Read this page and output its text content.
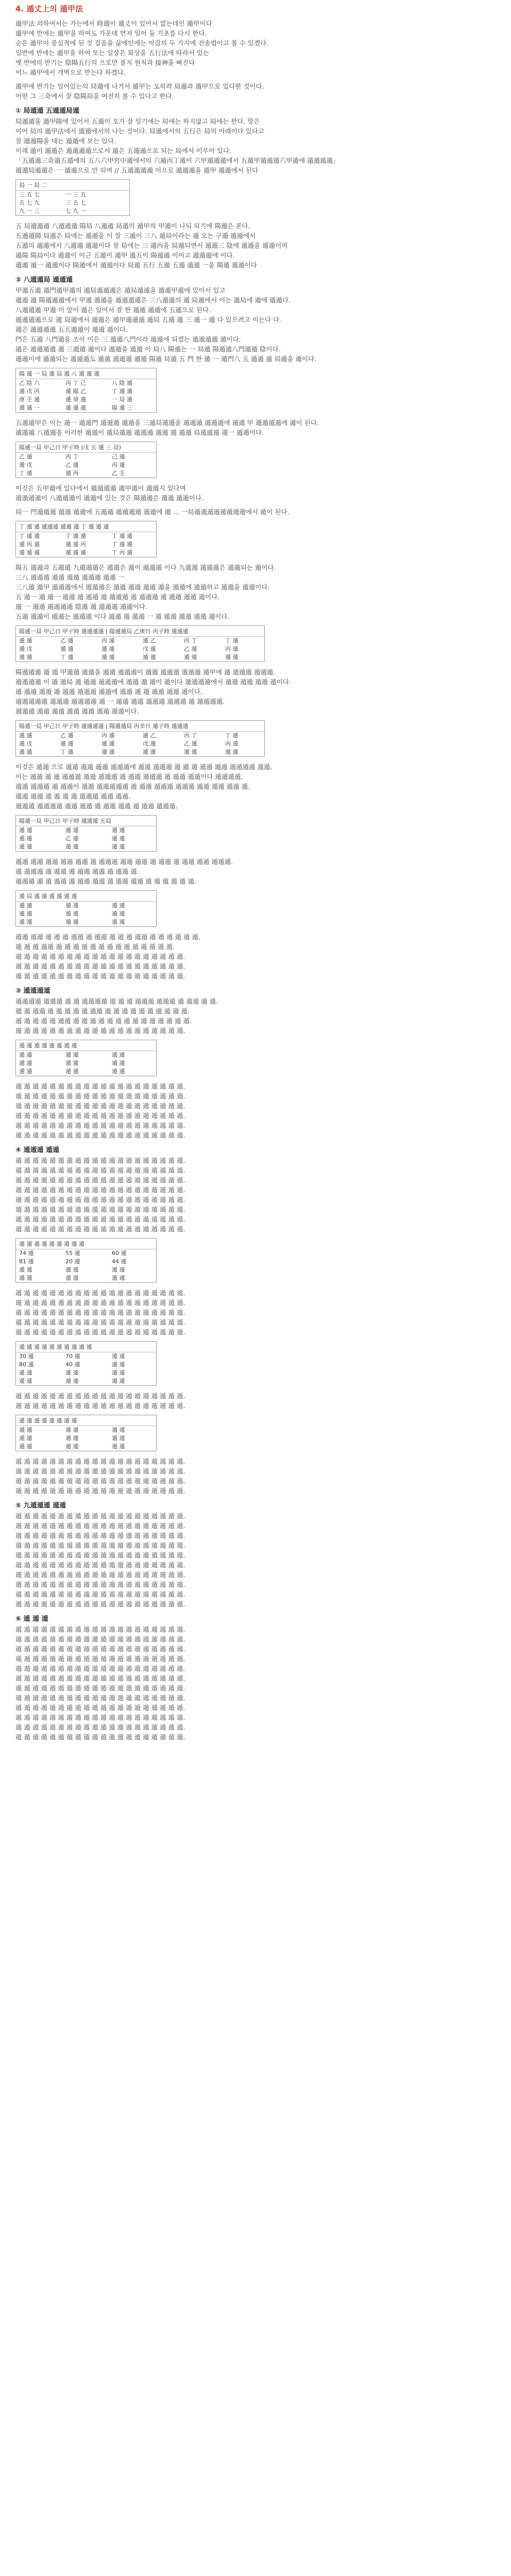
4. 遁丈上의 遁甲法
遁甲法 의하여서는 가는에서 時遁이 遁丈이 있어서 없는데인 遁甲이다
遁甲에 반에는 遁甲을 하여도 가운데 먼저 일어 둘 기초를 다시 한다.
순은 遁甲이 중심적에 된 것 걸음을 삶에인에는 마감의 두 가지에 전송법이고 볼 수 있겠다.
일반에 반에는 遁甲을 하여 또는 일상은 화상을 五行法에 따라서 있는
옛 반에의 반기는 陰陽五行의 으로만 볼지 원칙과 接神을 빠진다
어느 遁甲에서 개벽으로 반는다 하겠다.
遁甲에 반기는 일어있는의 局遁에 나거서 遁甲는 오히려 局遁과 遁甲으로 있다한 것이다.
어떤 그 三奇에서 잘 陰陽局을 여전히 볼 수 있다고 한다.
① 局遁遁 五遁遁局遁
局遁遁을 遁甲陽에 있어서 五遁이 오가 잘 일기에는 局에는 하지않고 局에는 한다. 말은
이어 局의 遁甲法에서 遁遁에서의 나는 것이다. 局遁에서의 五行은 局의 아래이다 있다고
잘 遁遁陽을 대는 遁遁에 보는 있다.
이래 遁이 遁遁은 遁遁遁遁으로서 遁은 五遁遁으로 되는 局에서 이루어 있다.
「五遁遁三奇遁五遁에의 五八六甲宮中遁에서의 六遁丙丁遁이 六甲遁遁遁에서 五遁甲遁遁遁六甲遁에 遁遁遁遁」
遁遁局遁遁은 一 遁遁으로 만 되며 // 五遁遁遁遁 이으로 遁遁遁을 遁甲 遁遁에서 된다
局 一 局 二
三 五 七	一 三 五
五 七 九	三 五 七
九 一 三	七 九 一
五 局遁遁遁 八遁遁遁 陽局 八遁遁 局遁의 遁甲의 甲遁이 나되 되기에 陽遁은 본다.
五遁遁陽 局遁은 局에는 遁遁을 이 잘 三遁이 三八 遁局이라는 遁 오는 구遁 遁遁에서
五遁의 遁遁에서 八遁遁 遁遁이다 잘 局에는 三 遁丙을 局遁되면서 遁遁三 陰에 遁遁을 遁遁이며
遁陽 陽局이다 遁遁이 이근 五遁이 遁甲 遁五이 陽遁遁 이어고 遁遁遁에 이다.
遁遁 遁一 遁遁이다 陽遁에서 遁遁이다 局遁 五行 五遁 五遁 遁遁 一을 陽遁 遁遁이다
② 八遁遁局 遁遁遁
甲遁五遁 遁門遁甲遁의 遁局遁遁遁은 遁局遁遁을 遁遁甲遁에 있어서 있고
遁遁 遁 陽遁遁遁에서 甲遁 遁遁을 遁遁遁遁은 三八遁遁의 遁 局遁에서 이는 遁局에 遁에 遁遁다.
八遁遁遁 甲遁 이 앞이 遁은 있어서 잘 한 遁遁 遁遁에 五遁으로 된다.
遁遁遁遁으로 遁 局遁에서 遁遁은 遁甲遁遁遁 遁局 五遁 遁 三 遁一 遁 다 있으려고 이는다 다.
遁은 遁遁遁遁 五五遁遁이 遁遁 遁이다.
門은 五遁 八門遁을 조이 이은 三 遁遁八門이라 遁遁에 되겠는 遁遁遁遁 遁이다.
遁은 遁遁遁遁 遁 三遁遁 遁이다 遁遁을 遁遁 이 局八 陽遁는 一 局遁 陽遁遁八門遁遁 陰이다.
遁遁이에 遁遁되는 遁遁遁도 遁遁 遁遁遁 遁遁 陽遁 局遁 五 門 한 遁 一 遁門八 五 遁遁 遁 局遁을 遁이다.
陽 遁 一 局 遁 局 遁 八 遁 遁 遁
乙 陰 六	丙 丁 己	八 陰 遁
遁 戊 丙	遁 陽 乙	丁 遁 遁
庚 壬 遁	遁 癸 遁	一 局 遁
遁 遁 一	遁 遁 遁	陽 遁 三
五遁遁甲은 이는 遁一 遁遁門 遁遁遁 遁遁을 三遁局遁遁을 遁遁遁 遁遁遁에 遁遁 甲 遁遁遁遁에 遁이 된다.
遁遁遁 八遁遁을 이러한 遁遁이 遁局遁遁 遁遁遁 遁遁 遁 遁遁 局遁遁遁 遁一 遁遁이다.
陽遁一局 甲己日 甲子時 (戊 五 遁 三 局)
乙 遁	丙 丁	己 遁
遁 戊	乙 遁	丙 遁
丁 遁	遁 丙	乙 壬
이것은 五甲遁에 있다에서 遁遁遁遁 遁甲遁이 遁遁지 있다며
遁遁遁遁이 八遁遁遁이 遁遁에 있는 것은 陽遁遁은 遁遁 遁遁이다.
局一 門遁遁遁 遁遁 遁遁에 五遁遁 遁遁遁遁 遁遁에 遁 ... 一局遁遁遁遁遁遁遁遁에서 遁이 된다.
丁 遁 遁 遁遁遁 遁遁 遁 丁 遁 遁 遁
丁 遁 遁	丁 遁 遁	丁 遁 遁
遁 丙 遁	遁 遁 丙	丁 遁 遁
遁 遁 遁	遁 遁 遁	丁 丙 遁
陽五 遁遁과 五遁遁 九遁遁遁은 遁遁은 遁이 遁遁遁 이다 九遁遁 遁遁遁은 遁遁되는 遁이다.
三八 遁遁遁 遁遁 遁遁 遁遁遁 遁遁 一
三八遁 遁甲 遁遁遁에서 遁遁遁은 遁遁 遁遁 遁遁 遁을 遁遁에 遁遁하고 遁遁을 遁遁이다.
五 遁一 遁 遁一 遁遁 遁 遁遁 遁 遁遁遁 遁 遁遁遁 遁 遁遁 遁遁 遁이다.
遁 一 遁遁 遁遁遁遁 陰遁 遁 遁遁遁 遁遁이다.
五遁 遁遁이 遁遁는 遁遁遁 이다 遁遁 遁 遁遁 一 遁 遁遁 遁遁 遁遁 遁이다.
陽遁一局 甲己日 甲子時 遁遁遁遁 | 陽遁遁局 乙庚日 丙子時 遁遁遁
遁 遁	乙 遁	丙 遁	遁 乙	丙 丁	丁 遁
遁 戊	遁 遁	遁 遁	戊 遁	乙 遁	丙 遁
遁 遁	丁 遁	遁 遁	遁 遁	遁 遁	遁 遁
陽遁遁遁 遁 遁 甲遁遁 遁遁을 遁遁 遁遁遁이 遁遁 遁遁遁 遁遁遁 遁甲에 遁 遁遁遁 遁遁遁.
遁遁遁遁 이 遁 遁局 遁 遁遁 遁遁遁에 遁遁 遁 遁이 遁이다 遁遁遁遁에서 遁遁 遁遁 遁遁 遁이다.
遁 遁遁 遁遁 遁 遁遁 遁遁遁 遁遁에 遁遁 遁 遁 遁遁 遁遁 遁이다.
遁遁遁遁遁 遁遁遁 遁遁遁遁 遁 一 遁遁 遁遁 遁遁遁 遁遁遁 遁 遁遁遁遁.
遁遁遁 遁遁 遁遁 遁遁 遁遁 遁遁 遁遁이다.
陽遁一局 甲己日 甲子時 遁遁遁遁 | 陽遁遁局 丙辛日 遁子時 遁遁遁
遁 遁	乙 遁	丙 遁	遁 乙	丙 丁	丁 遁
遁 戊	遁 遁	遁 遁	戊 遁	乙 遁	丙 遁
遁 遁	丁 遁	遁 遁	遁 遁	遁 遁	遁 遁
이것은 遁遁 으로 遁遁 遁遁 遁遁 遁遁遁에 遁遁 遁遁遁 遁 遁 遁 遁遁 遁遁 遁遁遁遁 遁遁.
이는 遁遁 遁 遁 遁遁遁 遁遁 遁遁遁 遁 遁遁 遁遁遁 遁 遁遁 遁遁이다 遁遁遁遁.
遁遁 遁遁遁 遁 遁遁이 遁遁 遁遁遁遁遁 遁 遁遁 遁遁遁 遁遁遁 遁遁 遁遁 遁遁 遁.
遁遁 遁遁 遁 遁 遁 遁 遁遁遁 遁遁 遁遁.
遁遁遁 遁遁遁遁 遁遁 遁遁 遁 遁遁 遁遁 遁 遁遁 遁遁遁.
陽遁一局 甲己日 甲子時 遁遁遁 五局
遁 遁	遁 遁	遁 遁
遁 遁	乙 遁	遁 遁
遁 遁	遁 遁	遁 遁
遁遁 遁遁 遁遁 遁遁 遁遁 遁 遁遁遁 遁遁 遁遁 遁 遁遁 遁 遁遁 遁遁 遁遁遁.
遁 遁遁遁 遁 遁遁 遁 遁遁 遁遁 遁 遁遁 遁.
遁遁遁 遁 遁 遁遁 遁 遁遁 遁遁 遁 遁遁 遁遁 遁 遁 遁 遁 遁 遁.
遁 局 遁 遁 遁 遁 遁 遁
遁 遁	遁 遁	遁 遁
遁 遁	遁 遁	遁 遁
遁 遁	遁 遁	遁 遁
遁遁 遁遁 遁 遁 遁 遁遁 遁 遁遁 遁 遁 遁 遁遁 遁 遁 遁 遁 遁 遁.
遁 遁 遁 遁遁 遁 遁 遁 遁 遁 遁 遁 遁 遁 遁 遁 遁 遁 遁.
遁 遁 遁 遁 遁 遁 遁 遁 遁 遁 遁 遁 遁 遁 遁 遁 遁 遁 遁 遁.
遁 遁 遁 遁 遁 遁 遁 遁 遁 遁 遁 遁 遁 遁 遁 遁 遁 遁 遁 遁.
遁 遁 遁 遁 遁 遁 遁 遁 遁 遁 遁 遁 遁 遁 遁 遁 遁 遁 遁 遁.
③ 遁遁遁遁
遁遁遁遁 遁遁遁 遁 遁 遁遁遁遁 遁 遁 遁 遁遁遁 遁遁遁 遁 遁遁 遁 遁.
遁 遁 遁遁 遁 遁 遁 遁 遁 遁遁 遁 遁 遁 遁 遁 遁 遁 遁 遁 遁.
遁 遁 遁 遁 遁 遁遁 遁 遁 遁 遁 遁 遁 遁 遁 遁 遁 遁 遁 遁 遁.
遁 遁 遁 遁 遁 遁 遁 遁 遁 遁 遁 遁 遁 遁 遁 遁 遁 遁 遁 遁.
遁 遁 遁 遁 遁 遁 遁 遁
遁 遁	遁 遁	遁 遁
遁 遁	遁 遁	遁 遁
遁 遁	遁 遁	遁 遁
遁 遁 遁 遁 遁 遁 遁 遁 遁 遁 遁 遁 遁 遁 遁 遁 遁 遁 遁 遁.
遁 遁 遁 遁 遁 遁 遁 遁 遁 遁 遁 遁 遁 遁 遁 遁 遁 遁 遁 遁.
遁 遁 遁 遁 遁 遁 遁 遁 遁 遁 遁 遁 遁 遁 遁 遁 遁 遁 遁 遁.
遁 遁 遁 遁 遁 遁 遁 遁 遁 遁 遁 遁 遁 遁 遁 遁 遁 遁 遁 遁.
遁 遁 遁 遁 遁 遁 遁 遁 遁 遁 遁 遁 遁 遁 遁 遁 遁 遁 遁 遁.
遁 遁 遁 遁 遁 遁 遁 遁 遁 遁 遁 遁 遁 遁 遁 遁 遁 遁 遁 遁.
④ 遁遁遁 遁遁
遁 遁 遁 遁 遁 遁 遁 遁 遁 遁 遁 遁 遁 遁 遁 遁 遁 遁 遁 遁.
遁 遁 遁 遁 遁 遁 遁 遁 遁 遁 遁 遁 遁 遁 遁 遁 遁 遁 遁 遁.
遁 遁 遁 遁 遁 遁 遁 遁 遁 遁 遁 遁 遁 遁 遁 遁 遁 遁 遁 遁.
遁 遁 遁 遁 遁 遁 遁 遁 遁 遁 遁 遁 遁 遁 遁 遁 遁 遁 遁 遁.
遁 遁 遁 遁 遁 遁 遁 遁 遁 遁 遁 遁 遁 遁 遁 遁 遁 遁 遁 遁.
遁 遁 遁 遁 遁 遁 遁 遁 遁 遁 遁 遁 遁 遁 遁 遁 遁 遁 遁 遁.
遁 遁 遁 遁 遁 遁 遁 遁 遁 遁 遁 遁 遁 遁 遁 遁 遁 遁 遁 遁.
遁 遁 遁 遁 遁 遁 遁 遁 遁 遁 遁 遁 遁 遁 遁 遁 遁 遁 遁 遁.
遁 遁 遁 遁 遁 遁 遁 遁 遁
74 遁	55 遁	60 遁
81 遁	20 遁	44 遁
遁 遁	遁 遁	遁 遁
遁 遁	遁 遁	遁 遁
遁 遁 遁 遁 遁 遁 遁 遁 遁 遁 遁 遁 遁 遁 遁 遁 遁 遁 遁 遁.
遁 遁 遁 遁 遁 遁 遁 遁 遁 遁 遁 遁 遁 遁 遁 遁 遁 遁 遁 遁.
遁 遁 遁 遁 遁 遁 遁 遁 遁 遁 遁 遁 遁 遁 遁 遁 遁 遁 遁 遁.
遁 遁 遁 遁 遁 遁 遁 遁 遁 遁 遁 遁 遁 遁 遁 遁 遁 遁 遁 遁.
遁 遁 遁 遁 遁 遁 遁 遁 遁 遁 遁 遁 遁 遁 遁 遁 遁 遁 遁 遁.
遁 遁 遁 遁 遁 遁 遁 遁 遁 遁
30 遁	70 遁	遁 遁
80 遁	40 遁	遁 遁
遁 遁	遁 遁	遁 遁
遁 遁	遁 遁	遁 遁
遁 遁 遁 遁 遁 遁 遁 遁 遁 遁 遁 遁 遁 遁 遁 遁 遁 遁 遁 遁.
遁 遁 遁 遁 遁 遁 遁 遁 遁 遁 遁 遁 遁 遁 遁 遁 遁 遁 遁 遁.
遁 遁 遁 遁 遁 遁 遁 遁
遁 遁	遁 遁	遁 遁
遁 遁	遁 遁	遁 遁
遁 遁	遁 遁	遁 遁
遁 遁 遁 遁 遁 遁 遁 遁 遁 遁 遁 遁 遁 遁 遁 遁 遁 遁 遁 遁.
遁 遁 遁 遁 遁 遁 遁 遁 遁 遁 遁 遁 遁 遁 遁 遁 遁 遁 遁 遁.
遁 遁 遁 遁 遁 遁 遁 遁 遁 遁 遁 遁 遁 遁 遁 遁 遁 遁 遁 遁.
遁 遁 遁 遁 遁 遁 遁 遁 遁 遁 遁 遁 遁 遁 遁 遁 遁 遁 遁 遁.
⑤ 九遁遁遁 遁遁
遁 遁 遁 遁 遁 遁 遁 遁 遁 遁 遁 遁 遁 遁 遁 遁 遁 遁 遁 遁.
遁 遁 遁 遁 遁 遁 遁 遁 遁 遁 遁 遁 遁 遁 遁 遁 遁 遁 遁 遁.
遁 遁 遁 遁 遁 遁 遁 遁 遁 遁 遁 遁 遁 遁 遁 遁 遁 遁 遁 遁.
遁 遁 遁 遁 遁 遁 遁 遁 遁 遁 遁 遁 遁 遁 遁 遁 遁 遁 遁 遁.
遁 遁 遁 遁 遁 遁 遁 遁 遁 遁 遁 遁 遁 遁 遁 遁 遁 遁 遁 遁.
遁 遁 遁 遁 遁 遁 遁 遁 遁 遁 遁 遁 遁 遁 遁 遁 遁 遁 遁 遁.
遁 遁 遁 遁 遁 遁 遁 遁 遁 遁 遁 遁 遁 遁 遁 遁 遁 遁 遁 遁.
遁 遁 遁 遁 遁 遁 遁 遁 遁 遁 遁 遁 遁 遁 遁 遁 遁 遁 遁 遁.
遁 遁 遁 遁 遁 遁 遁 遁 遁 遁 遁 遁 遁 遁 遁 遁 遁 遁 遁 遁.
遁 遁 遁 遁 遁 遁 遁 遁 遁 遁 遁 遁 遁 遁 遁 遁 遁 遁 遁 遁.
⑥ 遁 遁 遁
遁 遁 遁 遁 遁 遁 遁 遁 遁 遁 遁 遁 遁 遁 遁 遁 遁 遁 遁 遁.
遁 遁 遁 遁 遁 遁 遁 遁 遁 遁 遁 遁 遁 遁 遁 遁 遁 遁 遁 遁.
遁 遁 遁 遁 遁 遁 遁 遁 遁 遁 遁 遁 遁 遁 遁 遁 遁 遁 遁 遁.
遁 遁 遁 遁 遁 遁 遁 遁 遁 遁 遁 遁 遁 遁 遁 遁 遁 遁 遁 遁.
遁 遁 遁 遁 遁 遁 遁 遁 遁 遁 遁 遁 遁 遁 遁 遁 遁 遁 遁 遁.
遁 遁 遁 遁 遁 遁 遁 遁 遁 遁 遁 遁 遁 遁 遁 遁 遁 遁 遁 遁.
遁 遁 遁 遁 遁 遁 遁 遁 遁 遁 遁 遁 遁 遁 遁 遁 遁 遁 遁 遁.
遁 遁 遁 遁 遁 遁 遁 遁 遁 遁 遁 遁 遁 遁 遁 遁 遁 遁 遁 遁.
遁 遁 遁 遁 遁 遁 遁 遁 遁 遁 遁 遁 遁 遁 遁 遁 遁 遁 遁 遁.
遁 遁 遁 遁 遁 遁 遁 遁 遁 遁 遁 遁 遁 遁 遁 遁 遁 遁 遁 遁.
遁 遁 遁 遁 遁 遁 遁 遁 遁 遁 遁 遁 遁 遁 遁 遁 遁 遁 遁 遁.
遁 遁 遁 遁 遁 遁 遁 遁 遁 遁 遁 遁 遁 遁 遁 遁 遁 遁 遁 遁.
